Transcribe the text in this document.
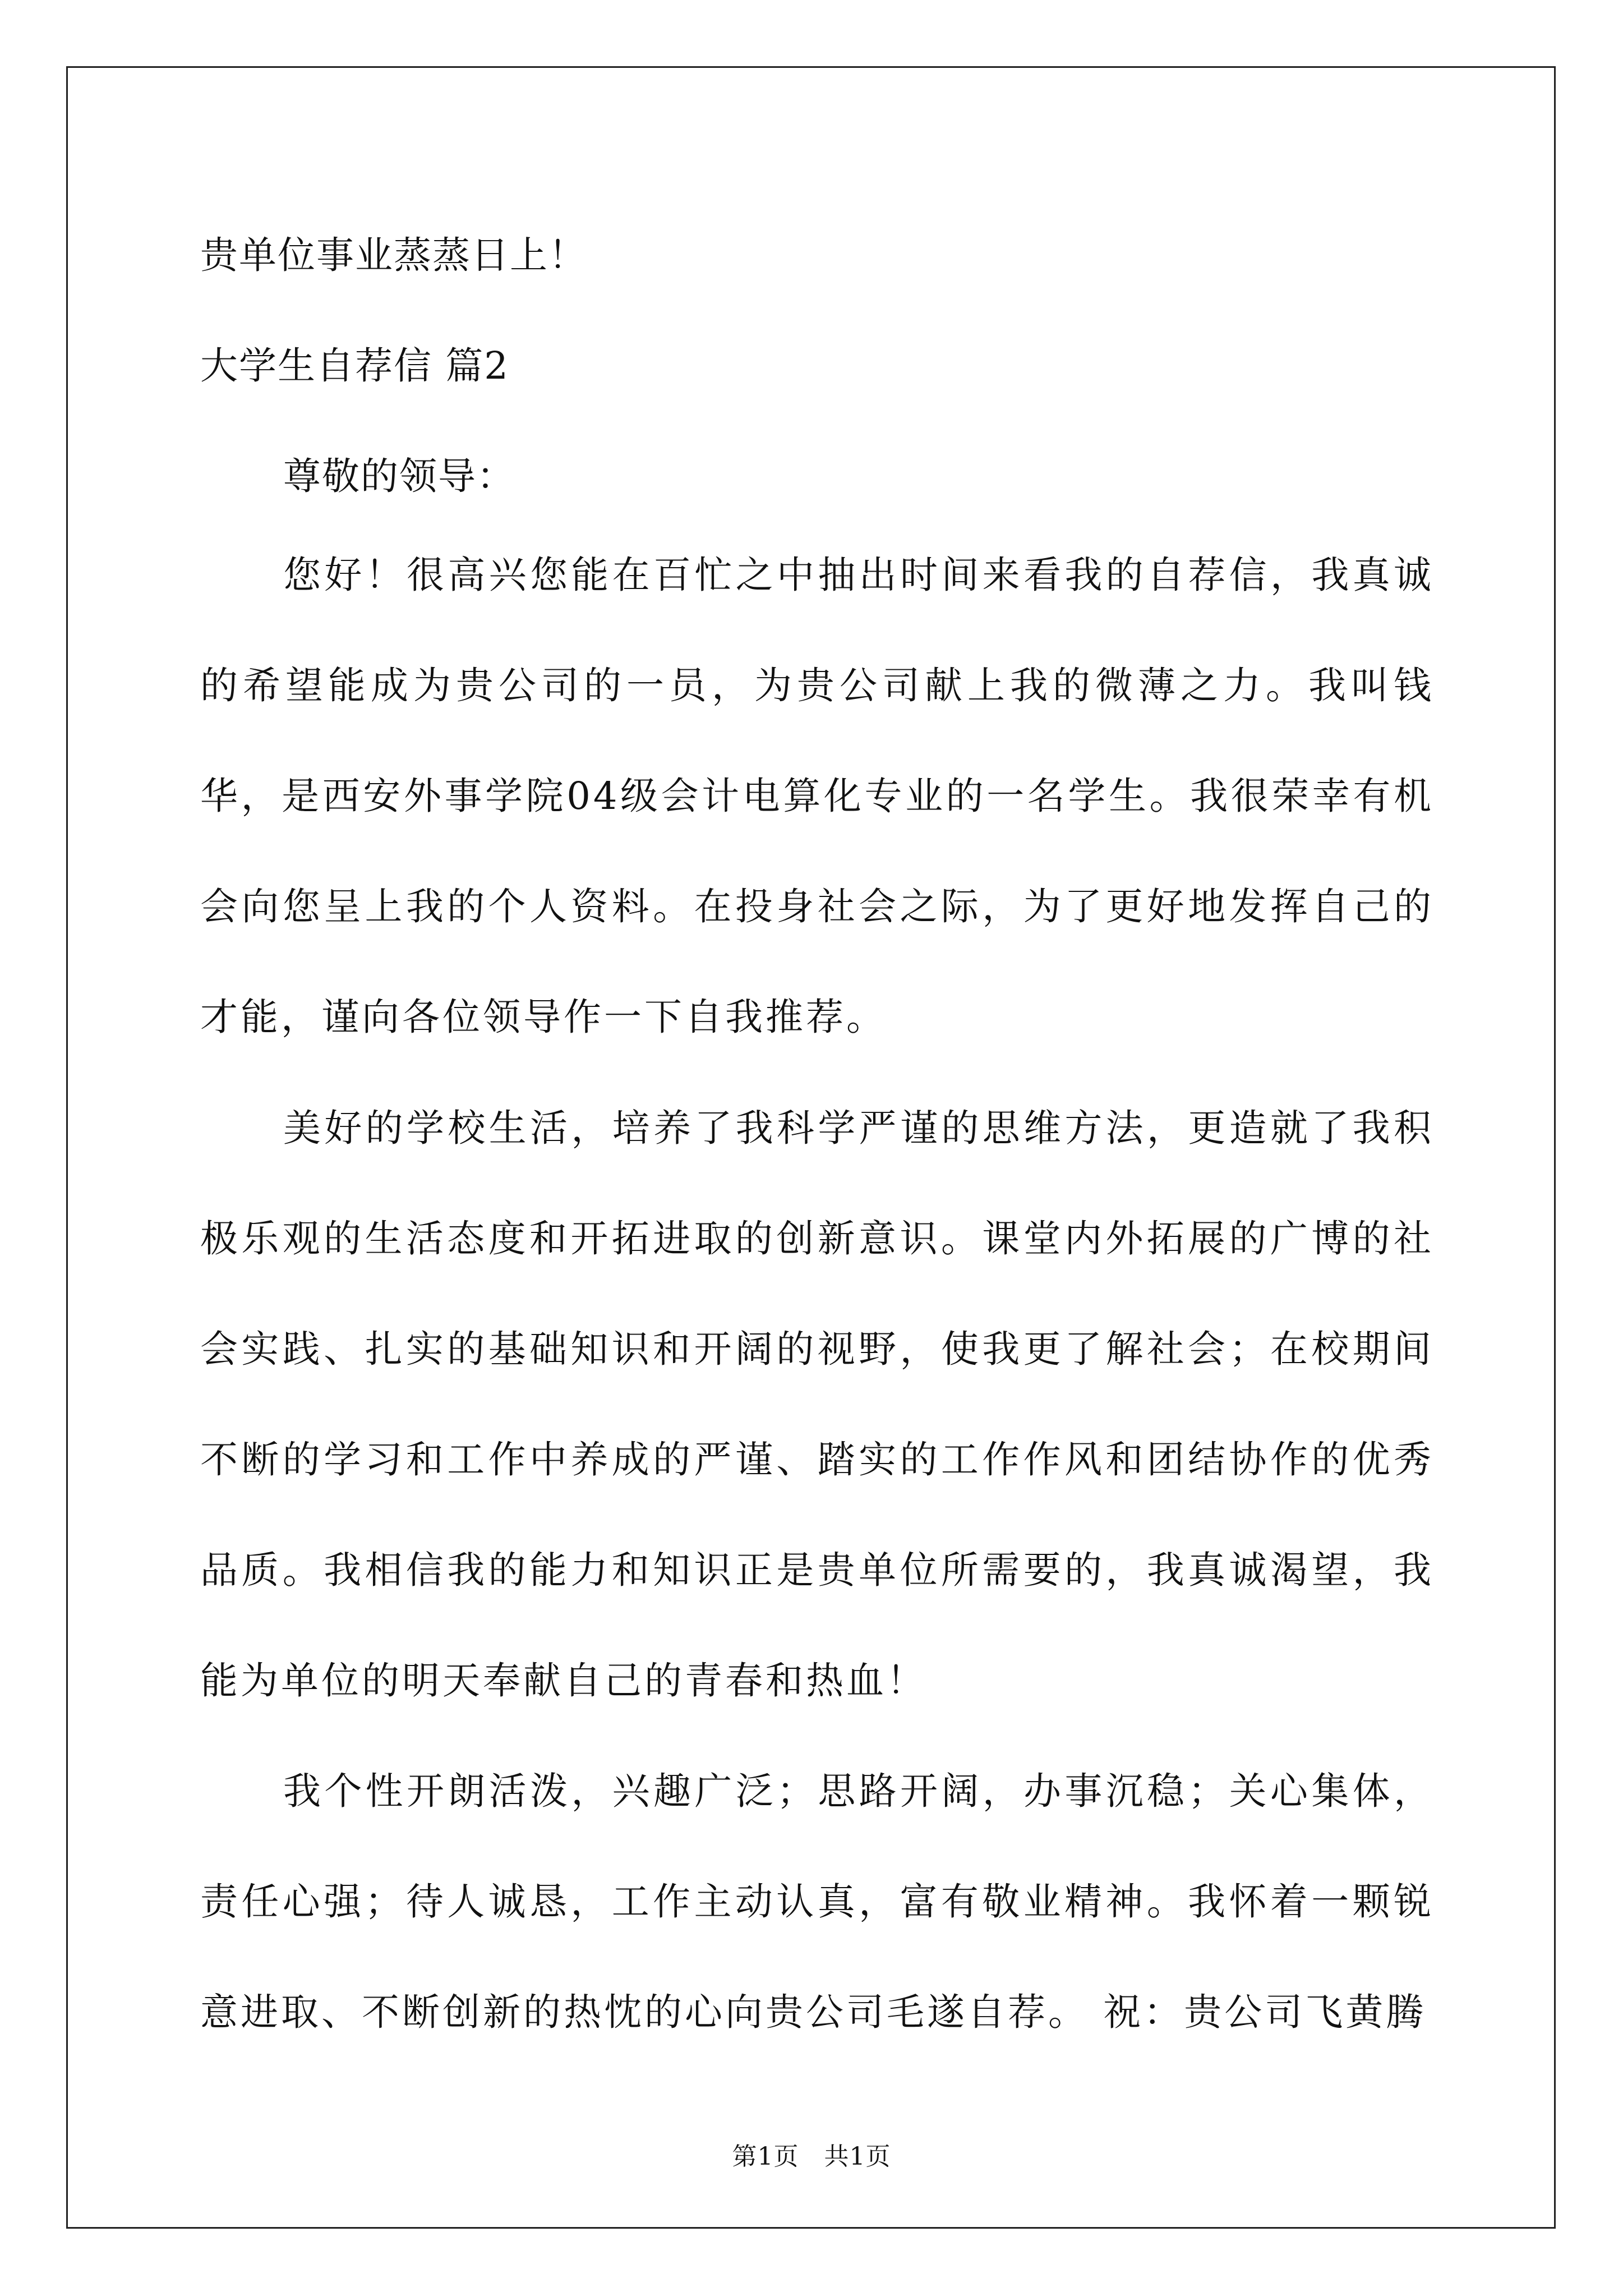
贵单位事业蒸蒸日上！
大学生自荐信 篇2
尊敬的领导：

您好！很高兴您能在百忙之中抽出时间来看我的自荐信，我真诚的希望能成为贵公司的一员，为贵公司献上我的微薄之力。我叫钱华，是西安外事学院04级会计电算化专业的一名学生。我很荣幸有机会向您呈上我的个人资料。在投身社会之际，为了更好地发挥自己的才能，谨向各位领导作一下自我推荐。

美好的学校生活，培养了我科学严谨的思维方法，更造就了我积极乐观的生活态度和开拓进取的创新意识。课堂内外拓展的广博的社会实践、扎实的基础知识和开阔的视野，使我更了解社会；在校期间不断的学习和工作中养成的严谨、踏实的工作作风和团结协作的优秀品质。我相信我的能力和知识正是贵单位所需要的，我真诚渴望，我能为单位的明天奉献自己的青春和热血！

我个性开朗活泼，兴趣广泛；思路开阔，办事沉稳；关心集体，责任心强；待人诚恳，工作主动认真，富有敬业精神。我怀着一颗锐意进取、不断创新的热忱的心向贵公司毛遂自荐。 祝：贵公司飞黄腾

第1页　共1页
